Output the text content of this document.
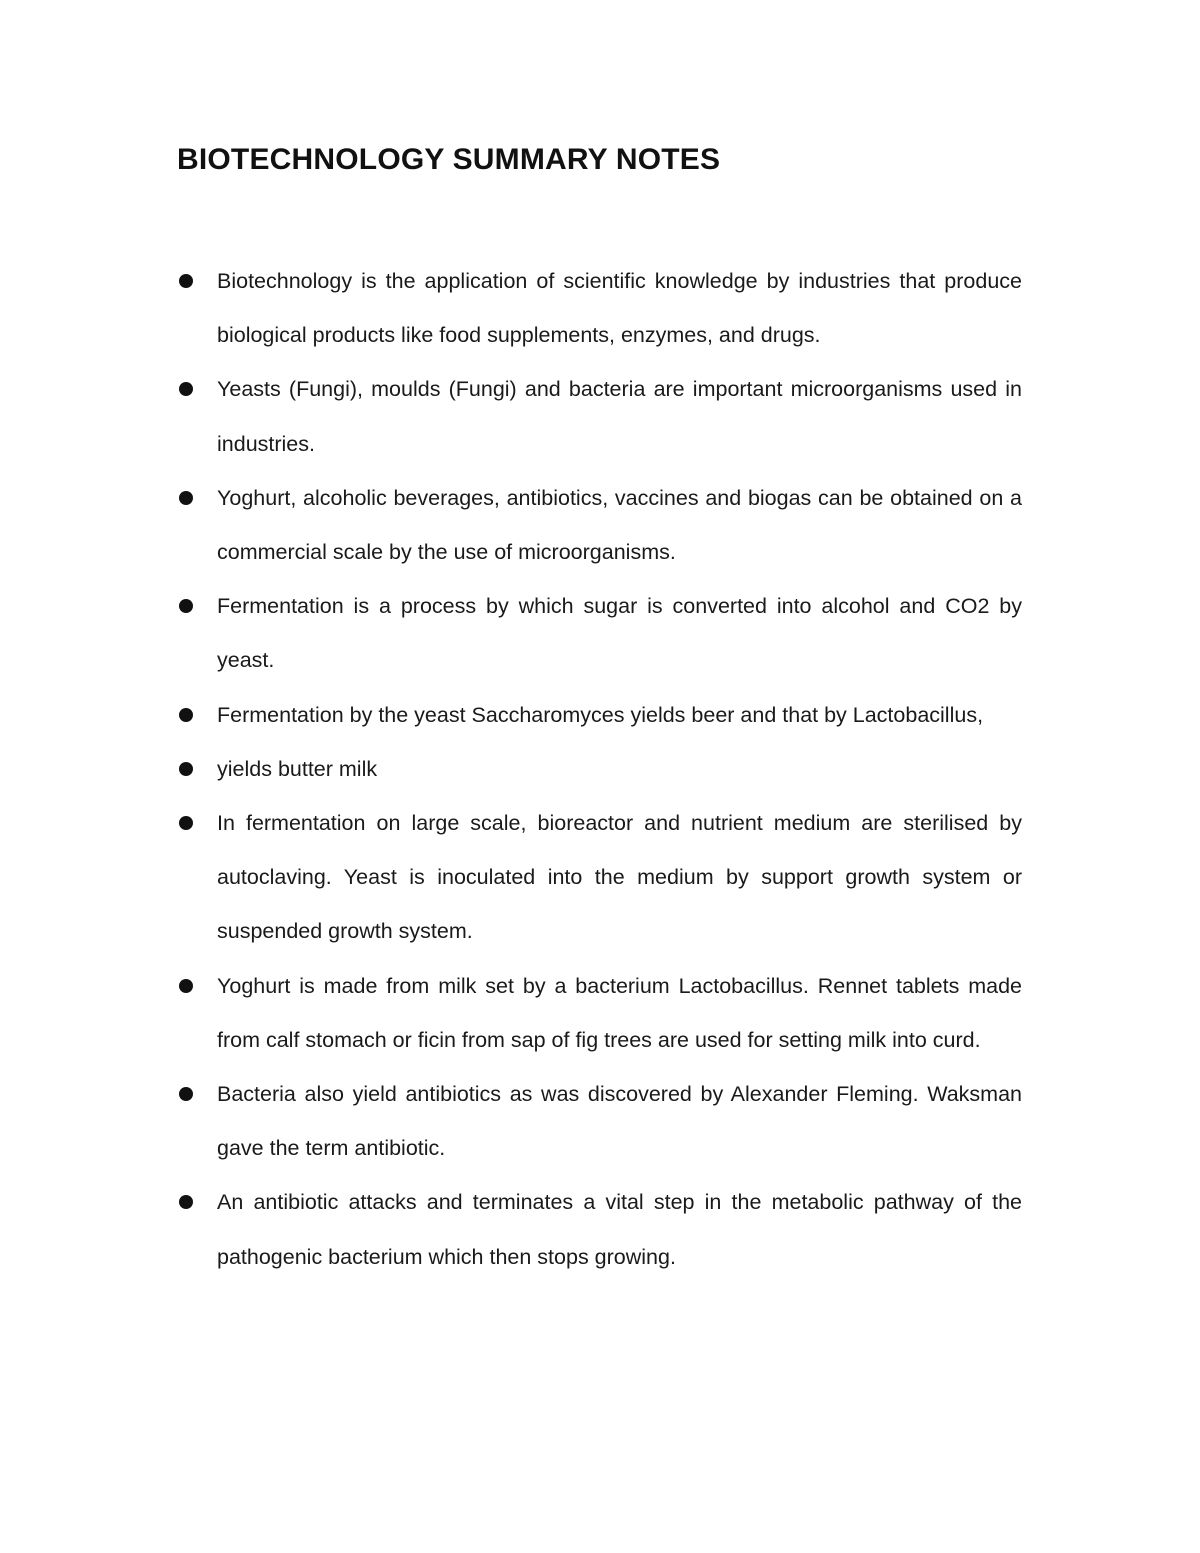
BIOTECHNOLOGY SUMMARY NOTES
Biotechnology is the application of scientific knowledge by industries that produce biological products like food supplements, enzymes, and drugs.
Yeasts (Fungi), moulds (Fungi) and bacteria are important microorganisms used in industries.
Yoghurt, alcoholic beverages, antibiotics, vaccines and biogas can be obtained on a commercial scale by the use of microorganisms.
Fermentation is a process by which sugar is converted into alcohol and CO2 by yeast.
Fermentation by the yeast Saccharomyces yields beer and that by Lactobacillus,
yields butter milk
In fermentation on large scale, bioreactor and nutrient medium are sterilised by autoclaving. Yeast is inoculated into the medium by support growth system or suspended growth system.
Yoghurt is made from milk set by a bacterium Lactobacillus. Rennet tablets made from calf stomach or ficin from sap of fig trees are used for setting milk into curd.
Bacteria also yield antibiotics as was discovered by Alexander Fleming. Waksman gave the term antibiotic.
An antibiotic attacks and terminates a vital step in the metabolic pathway of the pathogenic bacterium which then stops growing.
